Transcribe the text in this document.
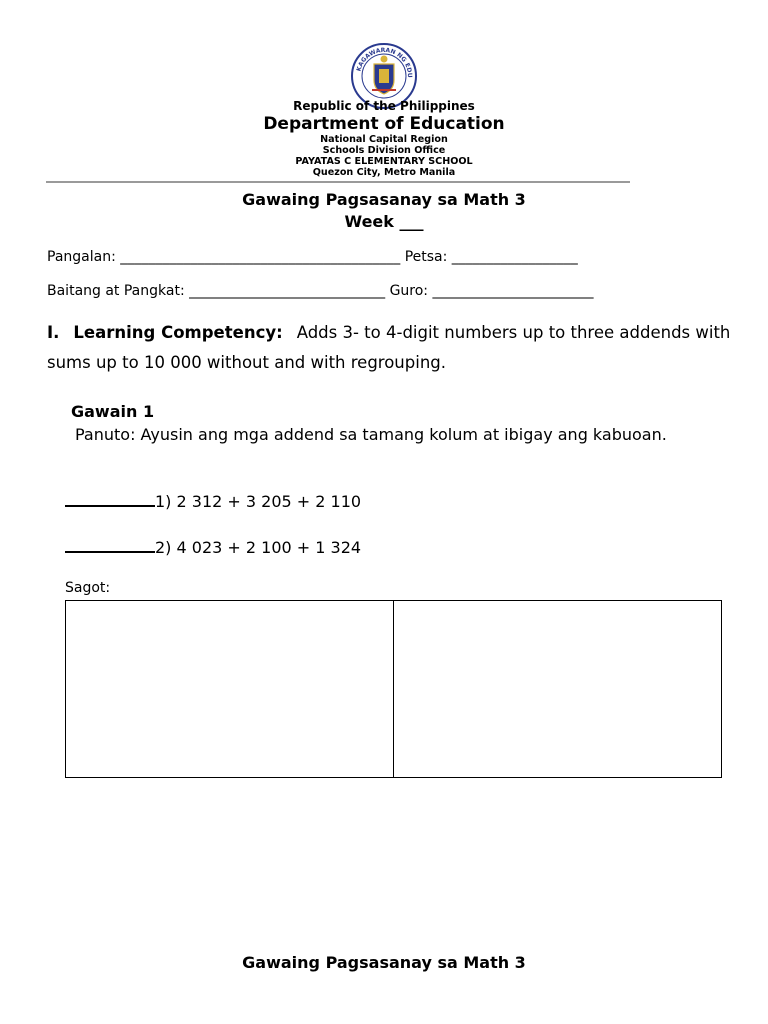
KAGAWARAN NG EDU
Republic of the Philippines
Department of Education
National Capital Region
Schools Division Office
PAYATAS C ELEMENTARY SCHOOL
Quezon City, Metro Manila
Gawaing Pagsasanay sa Math 3
Week ___
Pangalan: ________________________________________ Petsa: __________________
Baitang at Pangkat: ____________________________ Guro: _______________________
I. Learning Competency: Adds 3- to 4-digit numbers up to three addends with sums up to 10 000 without and with regrouping.
Gawain 1
Panuto: Ayusin ang mga addend sa tamang kolum at ibigay ang kabuoan.
1) 2 312 + 3 205 + 2 110
2) 4 023 + 2 100 + 1 324
Sagot:
Gawaing Pagsasanay sa Math 3
